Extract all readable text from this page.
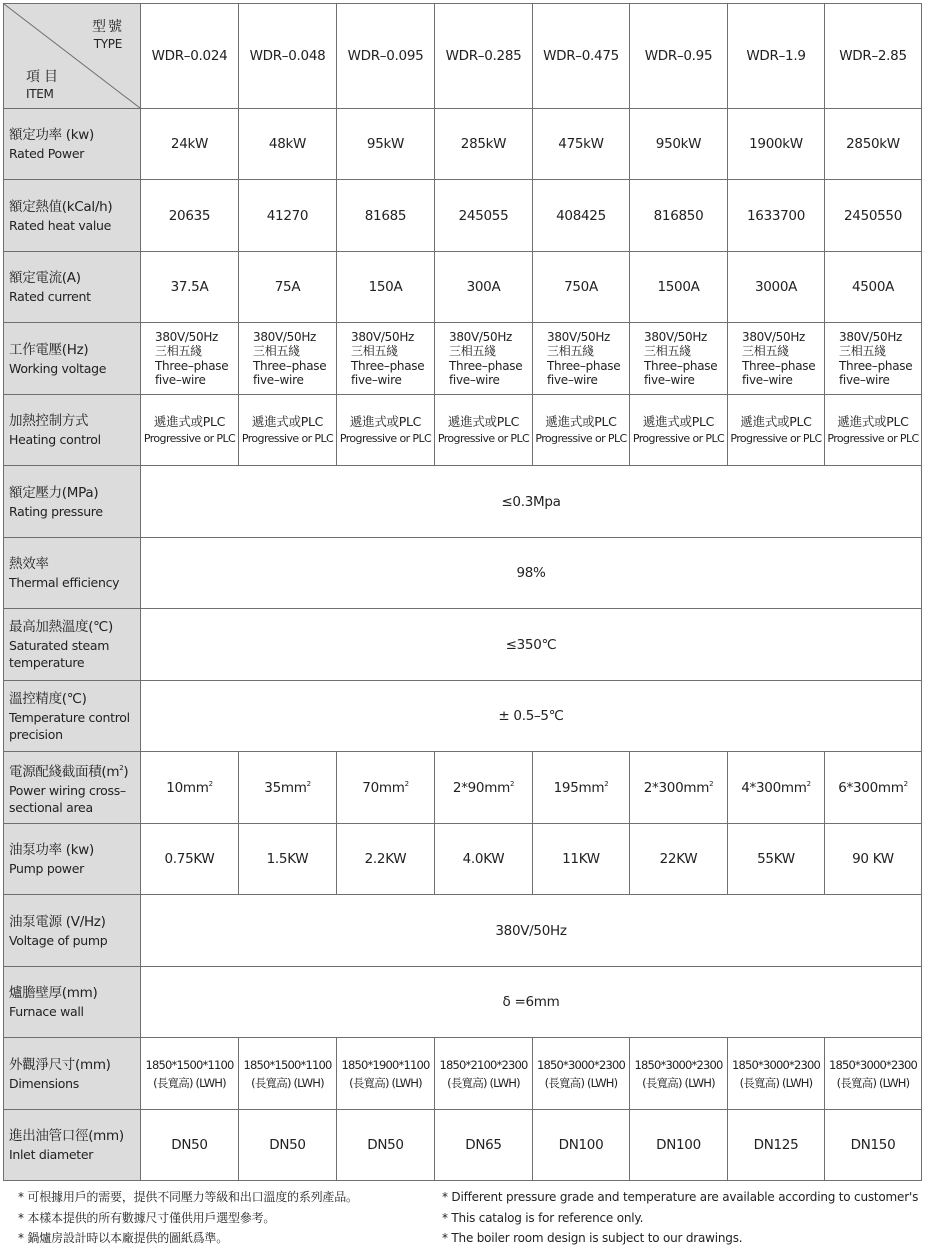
型號
TYPE
項目
ITEM	WDR–0.024	WDR–0.048	WDR–0.095	WDR–0.285	WDR–0.475	WDR–0.95	WDR–1.9	WDR–2.85

額定功率 (kw)
Rated Power	24kW	48kW	95kW	285kW	475kW	950kW	1900kW	2850kW

額定熱值(kCal/h)
Rated heat value	20635	41270	81685	245055	408425	816850	1633700	2450550

額定電流(A)
Rated current	37.5A	75A	150A	300A	750A	1500A	3000A	4500A

工作電壓(Hz)
Working voltage	380V/50Hz
三相五綫
Three–phase
five–wire	380V/50Hz
三相五綫
Three–phase
five–wire	380V/50Hz
三相五綫
Three–phase
five–wire	380V/50Hz
三相五綫
Three–phase
five–wire	380V/50Hz
三相五綫
Three–phase
five–wire	380V/50Hz
三相五綫
Three–phase
five–wire	380V/50Hz
三相五綫
Three–phase
five–wire	380V/50Hz
三相五綫
Three–phase
five–wire

加熱控制方式
Heating control	遞進式或PLC
Progressive or PLC	遞進式或PLC
Progressive or PLC	遞進式或PLC
Progressive or PLC	遞進式或PLC
Progressive or PLC	遞進式或PLC
Progressive or PLC	遞進式或PLC
Progressive or PLC	遞進式或PLC
Progressive or PLC	遞進式或PLC
Progressive or PLC

額定壓力(MPa)
Rating pressure	≤0.3Mpa							

熱效率
Thermal efficiency	98%							

最高加熱溫度(℃)
Saturated steam
temperature	≤350℃							

溫控精度(℃)
Temperature control
precision	± 0.5–5℃							

電源配綫截面積$(m^2)$
Power wiring cross–
sectional area	$10mm^2$	$35mm^2$	$70mm^2$	$2*90mm^2$	$195mm^2$	$2*300mm^2$	$4*300mm^2$	$6*300mm^2$

油泵功率 (kw)
Pump power	0.75KW	1.5KW	2.2KW	4.0KW	11KW	22KW	55KW	90 KW

油泵電源 (V/Hz)
Voltage of pump	380V/50Hz							

爐膽壁厚(mm)
Furnace wall	δ =6mm							

外觀淨尺寸(mm)
Dimensions	1850*1500*1100
(長寬高) (LWH)	1850*1500*1100
(長寬高) (LWH)	1850*1900*1100
(長寬高) (LWH)	1850*2100*2300
(長寬高) (LWH)	1850*3000*2300
(長寬高) (LWH)	1850*3000*2300
(長寬高) (LWH)	1850*3000*2300
(長寬高) (LWH)	1850*3000*2300
(長寬高) (LWH)

進出油管口徑(mm)
Inlet diameter	DN50	DN50	DN50	DN65	DN100	DN100	DN125	DN150
* 可根據用戶的需要，提供不同壓力等級和出口溫度的系列產品。
* 本樣本提供的所有數據尺寸僅供用戶選型參考。
* 鍋爐房設計時以本廠提供的圖紙爲準。
* Different pressure grade and temperature are available according to customer's
* This catalog is for reference only.
* The boiler room design is subject to our drawings.
